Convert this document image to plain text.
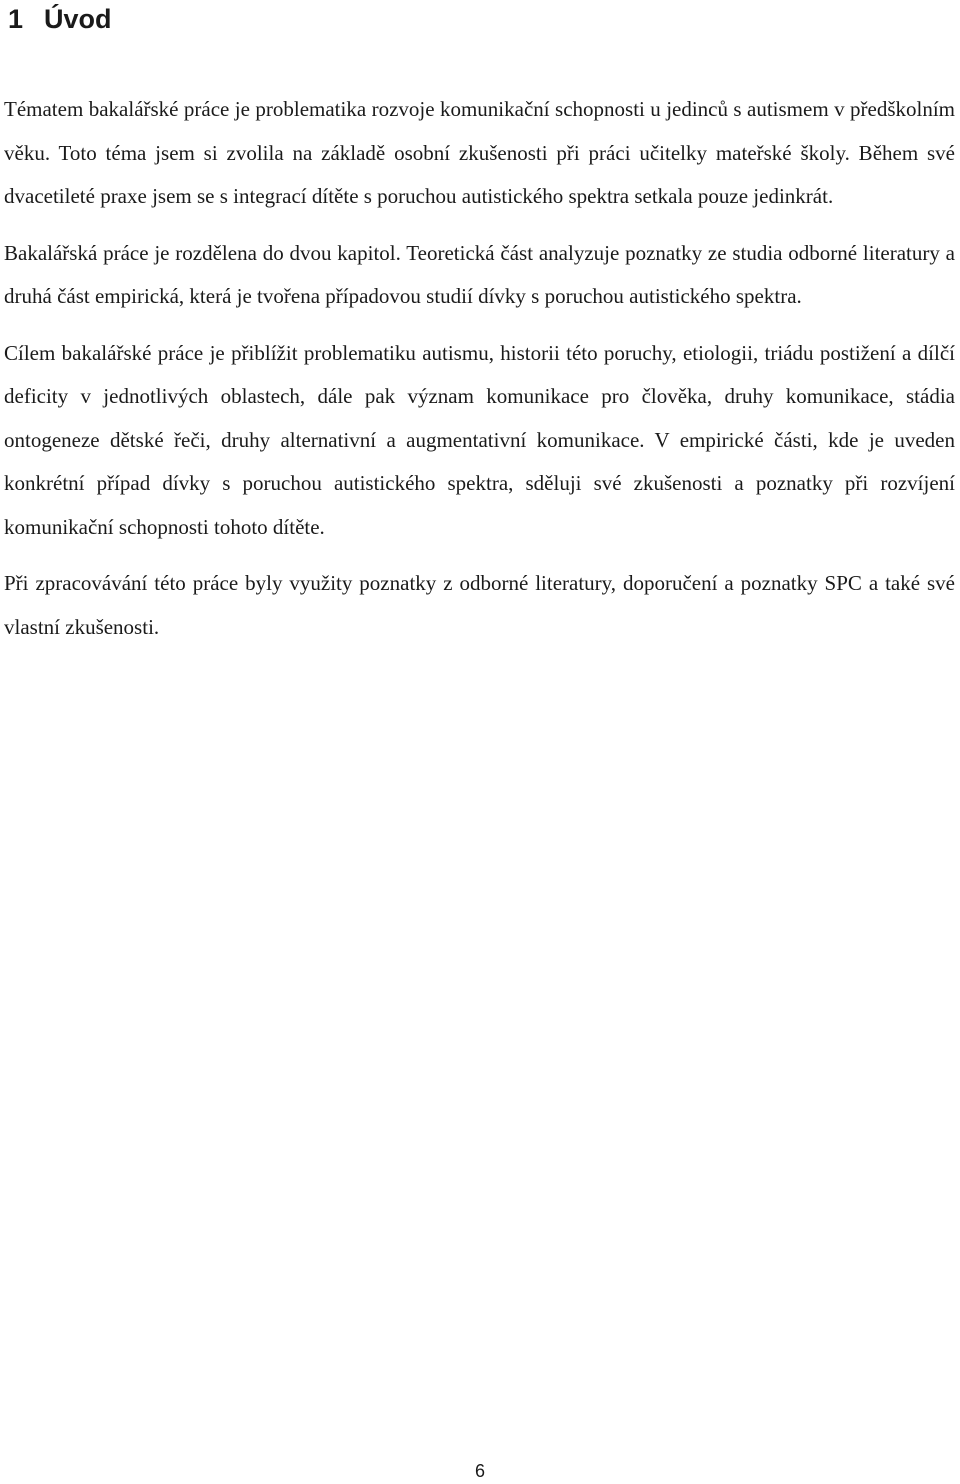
1 Úvod

Tématem bakalářské práce je problematika rozvoje komunikační schopnosti u jedinců s autismem v předškolním věku. Toto téma jsem si zvolila na základě osobní zkušenosti při práci učitelky mateřské školy. Během své dvacetileté praxe jsem se s integrací dítěte s poruchou autistického spektra setkala pouze jedinkrát.

Bakalářská práce je rozdělena do dvou kapitol. Teoretická část analyzuje poznatky ze studia odborné literatury a druhá část empirická, která je tvořena případovou studií dívky s poruchou autistického spektra.

Cílem bakalářské práce je přiblížit problematiku autismu, historii této poruchy, etiologii, triádu postižení a dílčí deficity v jednotlivých oblastech, dále pak význam komunikace pro člověka, druhy komunikace, stádia ontogeneze dětské řeči, druhy alternativní a augmentativní komunikace. V empirické části, kde je uveden konkrétní případ dívky s poruchou autistického spektra, sděluji své zkušenosti a poznatky při rozvíjení komunikační schopnosti tohoto dítěte.

Při zpracovávání této práce byly využity poznatky z odborné literatury, doporučení a poznatky SPC a také své vlastní zkušenosti.

6
